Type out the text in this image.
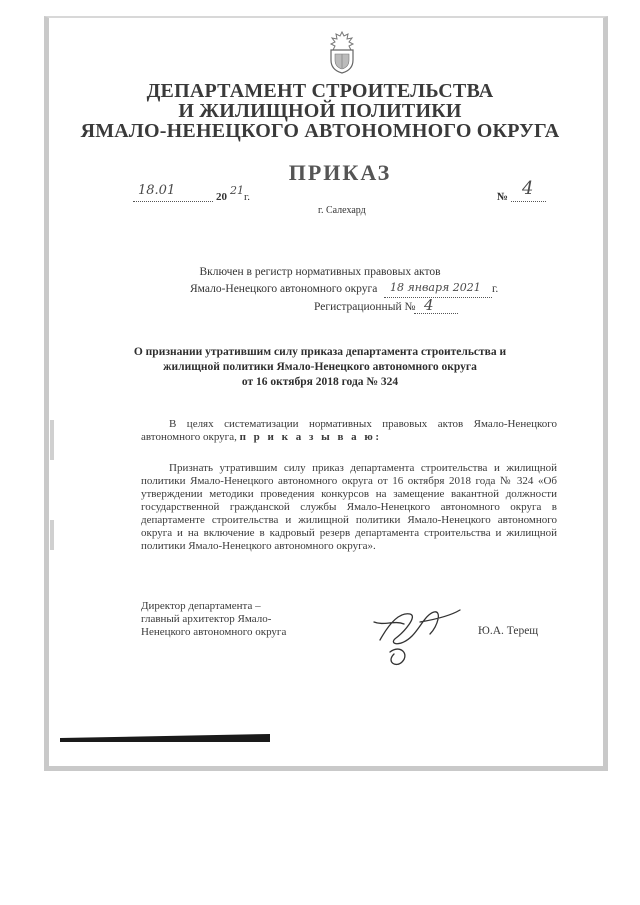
ДЕПАРТАМЕНТ СТРОИТЕЛЬСТВА
И ЖИЛИЩНОЙ ПОЛИТИКИ
ЯМАЛО-НЕНЕЦКОГО АВТОНОМНОГО ОКРУГА
ПРИКАЗ
18.01	20 21 г.	№ 4
г. Салехард
Включен в регистр нормативных правовых актов
Ямало-Ненецкого автономного округа 18 января 2021 г.
Регистрационный № 4
О признании утратившим силу приказа департамента строительства и
жилищной политики Ямало-Ненецкого автономного округа
от 16 октября 2018 года № 324
В целях систематизации нормативных правовых актов Ямало-Ненецкого автономного округа, п р и к а з ы в а ю:
Признать утратившим силу приказ департамента строительства и жилищной политики Ямало-Ненецкого автономного округа от 16 октября 2018 года № 324 «Об утверждении методики проведения конкурсов на замещение вакантной должности государственной гражданской службы Ямало-Ненецкого автономного округа в департаменте строительства и жилищной политики Ямало-Ненецкого автономного округа и на включение в кадровый резерв департамента строительства и жилищной политики Ямало-Ненецкого автономного округа».
Директор департамента –
главный архитектор Ямало-
Ненецкого автономного округа	Ю.А. Терещ
